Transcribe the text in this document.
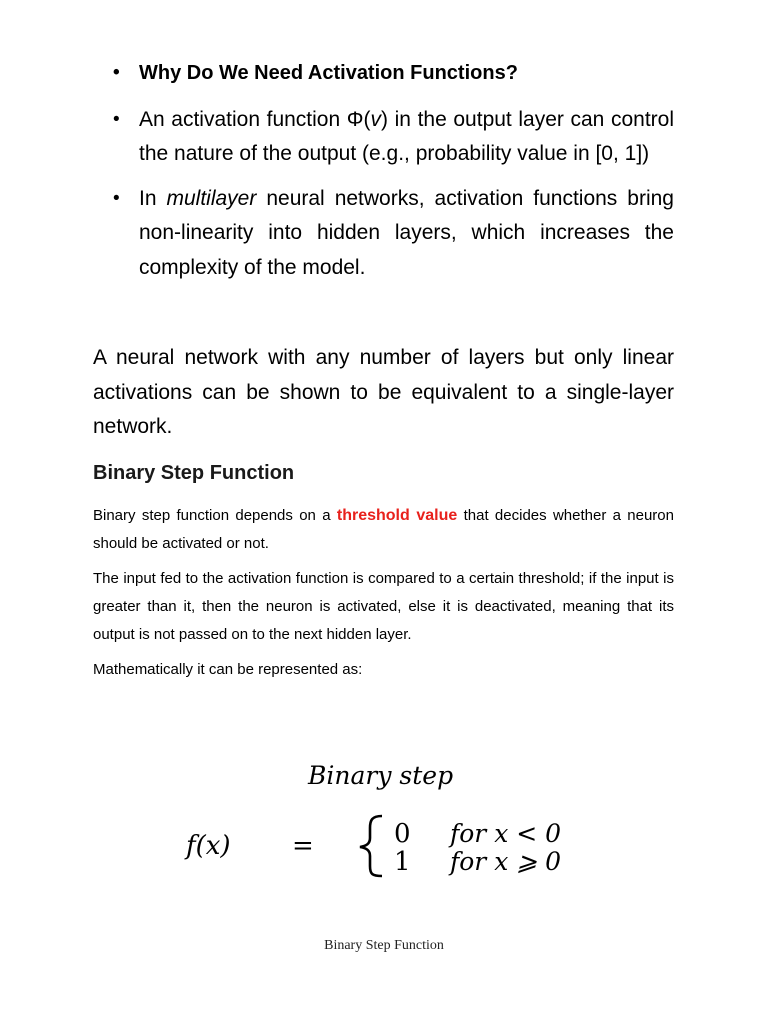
• Why Do We Need Activation Functions?
• An activation function Φ(v) in the output layer can control the nature of the output (e.g., probability value in [0, 1])
• In multilayer neural networks, activation functions bring non-linearity into hidden layers, which increases the complexity of the model.

A neural network with any number of layers but only linear activations can be shown to be equivalent to a single-layer network.

Binary Step Function

Binary step function depends on a threshold value that decides whether a neuron should be activated or not.

The input fed to the activation function is compared to a certain threshold; if the input is greater than it, then the neuron is activated, else it is deactivated, meaning that its output is not passed on to the next hidden layer.

Mathematically it can be represented as:

Binary step
f(x) =	0 for x < 0
1 for x ⩾ 0

Binary Step Function
